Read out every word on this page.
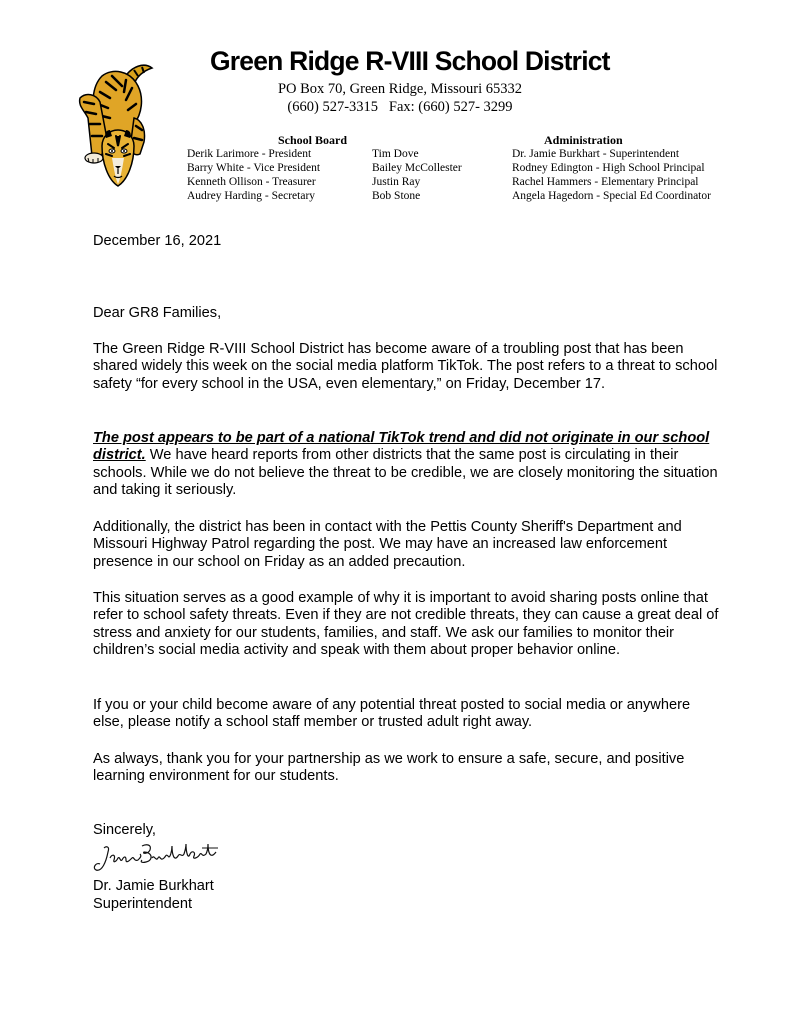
Green Ridge R-VIII School District
PO Box 70, Green Ridge, Missouri 65332
(660) 527-3315   Fax: (660) 527- 3299
School Board	Administration
Derik Larimore - President
Barry White - Vice President
Kenneth Ollison - Treasurer
Audrey Harding - Secretary
Tim Dove
Bailey McCollester
Justin Ray
Bob Stone
Dr. Jamie Burkhart - Superintendent
Rodney Edington - High School Principal
Rachel Hammers - Elementary Principal
Angela Hagedorn - Special Ed Coordinator
December 16, 2021
Dear GR8 Families,

The Green Ridge R-VIII School District has become aware of a troubling post that has been shared widely this week on the social media platform TikTok. The post refers to a threat to school safety “for every school in the USA, even elementary,” on Friday, December 17.

The post appears to be part of a national TikTok trend and did not originate in our school district. We have heard reports from other districts that the same post is circulating in their schools. While we do not believe the threat to be credible, we are closely monitoring the situation and taking it seriously.

Additionally, the district has been in contact with the Pettis County Sheriff's Department and Missouri Highway Patrol regarding the post. We may have an increased law enforcement presence in our school on Friday as an added precaution.

This situation serves as a good example of why it is important to avoid sharing posts online that refer to school safety threats. Even if they are not credible threats, they can cause a great deal of stress and anxiety for our students, families, and staff. We ask our families to monitor their children’s social media activity and speak with them about proper behavior online.

If you or your child become aware of any potential threat posted to social media or anywhere else, please notify a school staff member or trusted adult right away.

As always, thank you for your partnership as we work to ensure a safe, secure, and positive learning environment for our students.

Sincerely,
Dr. Jamie Burkhart
Superintendent
